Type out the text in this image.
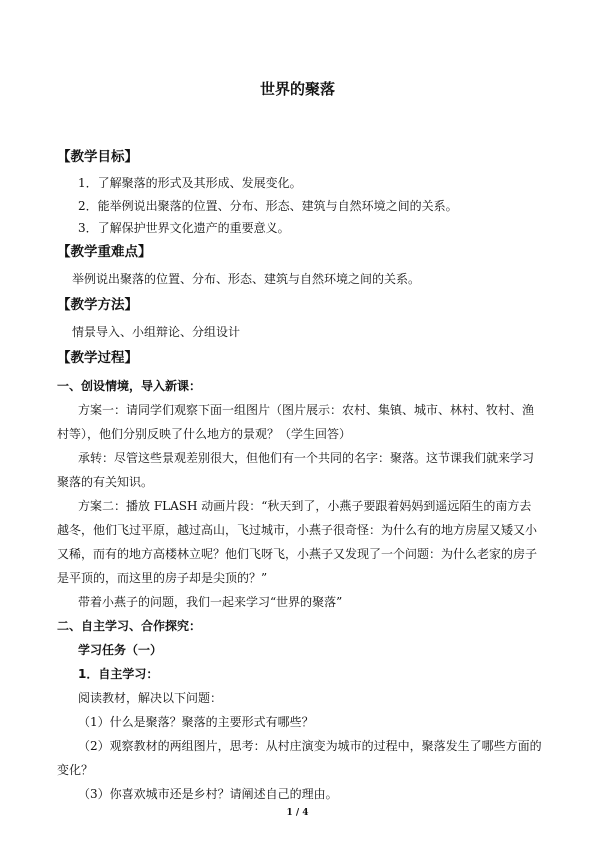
世界的聚落
【教学目标】
1．了解聚落的形式及其形成、发展变化。
2．能举例说出聚落的位置、分布、形态、建筑与自然环境之间的关系。
3．了解保护世界文化遗产的重要意义。
【教学重难点】
举例说出聚落的位置、分布、形态、建筑与自然环境之间的关系。
【教学方法】
情景导入、小组辩论、分组设计
【教学过程】
一、创设情境，导入新课：
方案一：请同学们观察下面一组图片（图片展示：农村、集镇、城市、林村、牧村、渔
村等），他们分别反映了什么地方的景观？（学生回答）
承转：尽管这些景观差别很大，但他们有一个共同的名字：聚落。这节课我们就来学习
聚落的有关知识。
方案二：播放 FLASH 动画片段：“秋天到了，小燕子要跟着妈妈到遥远陌生的南方去
越冬，他们飞过平原，越过高山，飞过城市，小燕子很奇怪：为什么有的地方房屋又矮又小
又稀，而有的地方高楼林立呢？他们飞呀飞，小燕子又发现了一个问题：为什么老家的房子
是平顶的，而这里的房子却是尖顶的？”
带着小燕子的问题，我们一起来学习“世界的聚落”
二、自主学习、合作探究：
学习任务（一）
1．自主学习：
阅读教材，解决以下问题：
（1）什么是聚落？聚落的主要形式有哪些？
（2）观察教材的两组图片，思考：从村庄演变为城市的过程中，聚落发生了哪些方面的
变化？
（3）你喜欢城市还是乡村？请阐述自己的理由。
1 / 4
